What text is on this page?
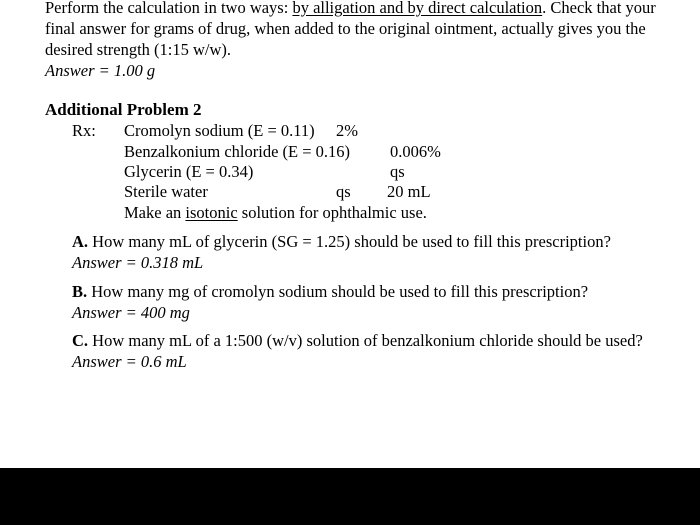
Perform the calculation in two ways: by alligation and by direct calculation. Check that your
final answer for grams of drug, when added to the original ointment, actually gives you the
desired strength (1:15 w/w).
Answer = 1.00 g
Additional Problem 2
Rx: Cromolyn sodium (E = 0.11) 2%
Benzalkonium chloride (E = 0.16) 0.006%
Glycerin (E = 0.34)	qs
Sterile water	qs 20 mL
Make an isotonic solution for ophthalmic use.
A. How many mL of glycerin (SG = 1.25) should be used to fill this prescription?
Answer = 0.318 mL
B. How many mg of cromolyn sodium should be used to fill this prescription?
Answer = 400 mg
C. How many mL of a 1:500 (w/v) solution of benzalkonium chloride should be used?
Answer = 0.6 mL
